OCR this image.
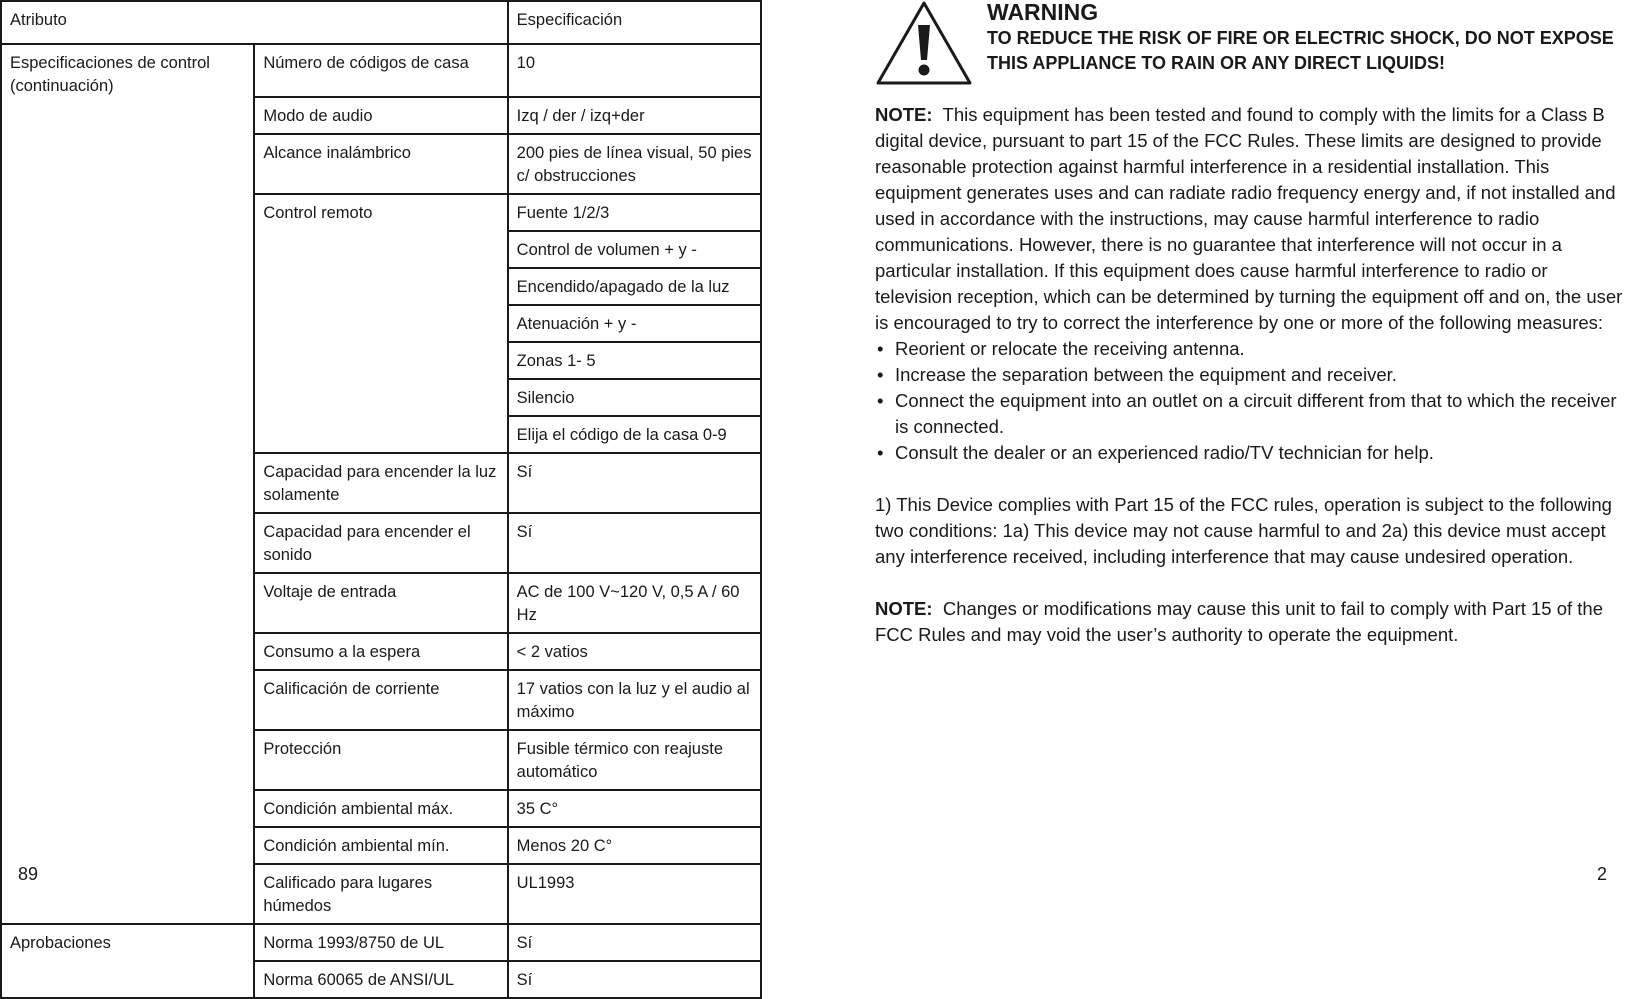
Atributo		Especificación
Especificaciones de control (continuación)	Número de códigos de casa	10
	Modo de audio	Izq / der / izq+der
	Alcance inalámbrico	200 pies de línea visual, 50 pies c/ obstrucciones
	Control remoto	Fuente 1/2/3
		Control de volumen + y -
		Encendido/apagado de la luz
		Atenuación + y -
		Zonas 1- 5
		Silencio
		Elija el código de la casa 0-9
	Capacidad para encender la luz solamente	Sí
	Capacidad para encender el sonido	Sí
	Voltaje de entrada	AC de 100 V~120 V, 0,5 A / 60 Hz
	Consumo a la espera	< 2 vatios
	Calificación de corriente	17 vatios con la luz y el audio al máximo
	Protección	Fusible térmico con reajuste automático
	Condición ambiental máx.	35 C°
	Condición ambiental mín.	Menos 20 C°
	Calificado para lugares húmedos	UL1993
Aprobaciones	Norma 1993/8750 de UL	Sí
	Norma 60065 de ANSI/UL	Sí
89
WARNING
TO REDUCE THE RISK OF FIRE OR ELECTRIC SHOCK, DO NOT EXPOSE THIS APPLIANCE TO RAIN OR ANY DIRECT LIQUIDS!

NOTE: This equipment has been tested and found to comply with the limits for a Class B digital device, pursuant to part 15 of the FCC Rules. These limits are designed to provide reasonable protection against harmful interference in a residential installation. This equipment generates uses and can radiate radio frequency energy and, if not installed and used in accordance with the instructions, may cause harmful interference to radio communications. However, there is no guarantee that interference will not occur in a particular installation. If this equipment does cause harmful interference to radio or television reception, which can be determined by turning the equipment off and on, the user is encouraged to try to correct the interference by one or more of the following measures:

• Reorient or relocate the receiving antenna.
• Increase the separation between the equipment and receiver.
• Connect the equipment into an outlet on a circuit different from that to which the receiver is connected.
• Consult the dealer or an experienced radio/TV technician for help.

1) This Device complies with Part 15 of the FCC rules, operation is subject to the following two conditions: 1a) This device may not cause harmful to and 2a) this device must accept any interference received, including interference that may cause undesired operation.

NOTE: Changes or modifications may cause this unit to fail to comply with Part 15 of the FCC Rules and may void the user’s authority to operate the equipment.

2
